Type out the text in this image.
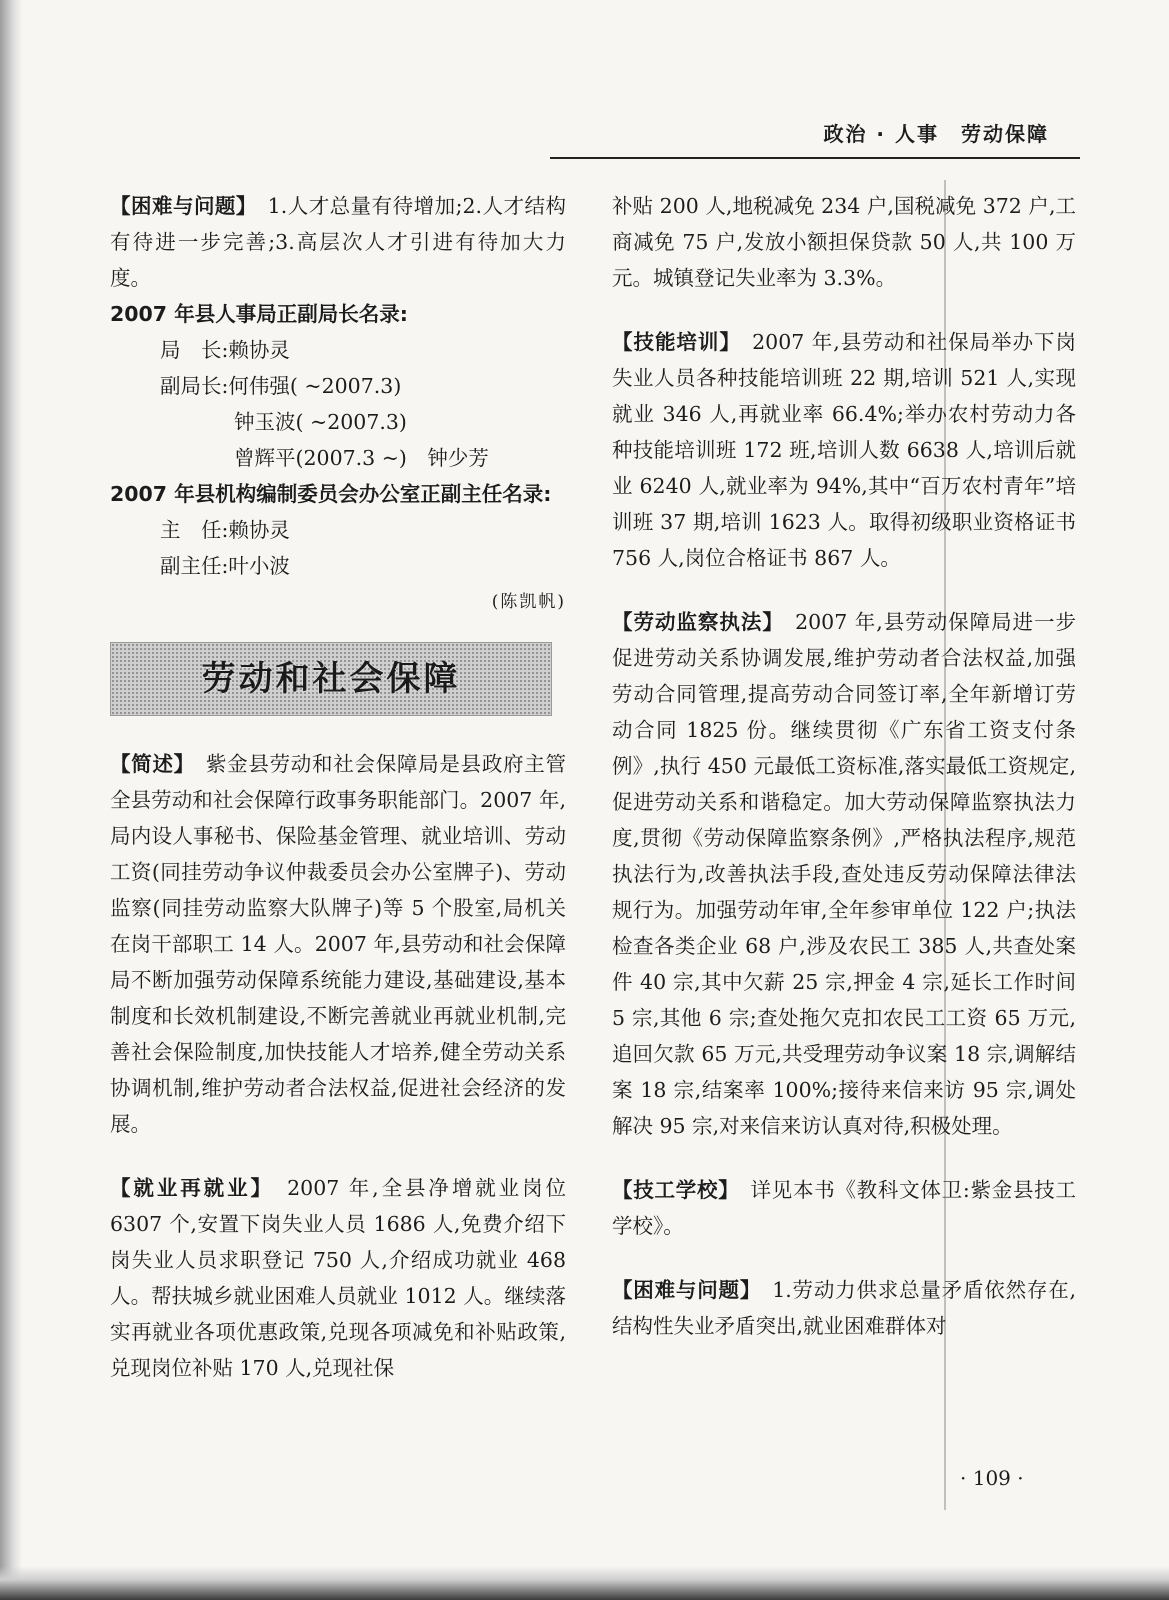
政治 · 人事　劳动保障

【困难与问题】　 1.人才总量有待增加;2.人才结构有待进一步完善;3.高层次人才引进有待加大力度。

2007 年县人事局正副局长名录:

局　长:赖协灵

副局长:何伟强( ~2007.3)

钟玉波( ~2007.3)

曾辉平(2007.3 ~)　钟少芳

2007 年县机构编制委员会办公室正副主任名录:

主　任:赖协灵

副主任:叶小波

(陈凯帆)

劳动和社会保障

【简述】　 紫金县劳动和社会保障局是县政府主管全县劳动和社会保障行政事务职能部门。2007 年,局内设人事秘书、保险基金管理、就业培训、劳动工资(同挂劳动争议仲裁委员会办公室牌子)、劳动监察(同挂劳动监察大队牌子)等 5 个股室,局机关在岗干部职工 14 人。2007 年,县劳动和社会保障局不断加强劳动保障系统能力建设,基础建设,基本制度和长效机制建设,不断完善就业再就业机制,完善社会保险制度,加快技能人才培养,健全劳动关系协调机制,维护劳动者合法权益,促进社会经济的发展。

【就业再就业】　 2007 年,全县净增就业岗位 6307 个,安置下岗失业人员 1686 人,免费介绍下岗失业人员求职登记 750 人,介绍成功就业 468 人。帮扶城乡就业困难人员就业 1012 人。继续落实再就业各项优惠政策,兑现各项减免和补贴政策,兑现岗位补贴 170 人,兑现社保

补贴 200 人,地税减免 234 户,国税减免 372 户,工商减免 75 户,发放小额担保贷款 50 人,共 100 万元。城镇登记失业率为 3.3%。

【技能培训】　 2007 年,县劳动和社保局举办下岗失业人员各种技能培训班 22 期,培训 521 人,实现就业 346 人,再就业率 66.4%;举办农村劳动力各种技能培训班 172 班,培训人数 6638 人,培训后就业 6240 人,就业率为 94%,其中“百万农村青年”培训班 37 期,培训 1623 人。取得初级职业资格证书 756 人,岗位合格证书 867 人。

【劳动监察执法】　 2007 年,县劳动保障局进一步促进劳动关系协调发展,维护劳动者合法权益,加强劳动合同管理,提高劳动合同签订率,全年新增订劳动合同 1825 份。继续贯彻《广东省工资支付条例》,执行 450 元最低工资标准,落实最低工资规定,促进劳动关系和谐稳定。加大劳动保障监察执法力度,贯彻《劳动保障监察条例》,严格执法程序,规范执法行为,改善执法手段,查处违反劳动保障法律法规行为。加强劳动年审,全年参审单位 122 户;执法检查各类企业 68 户,涉及农民工 385 人,共查处案件 40 宗,其中欠薪 25 宗,押金 4 宗,延长工作时间 5 宗,其他 6 宗;查处拖欠克扣农民工工资 65 万元,追回欠款 65 万元,共受理劳动争议案 18 宗,调解结案 18 宗,结案率 100%;接待来信来访 95 宗,调处解决 95 宗,对来信来访认真对待,积极处理。

【技工学校】　 详见本书《教科文体卫:紫金县技工学校》。

【困难与问题】　 1.劳动力供求总量矛盾依然存在,结构性失业矛盾突出,就业困难群体对

· 109 ·
